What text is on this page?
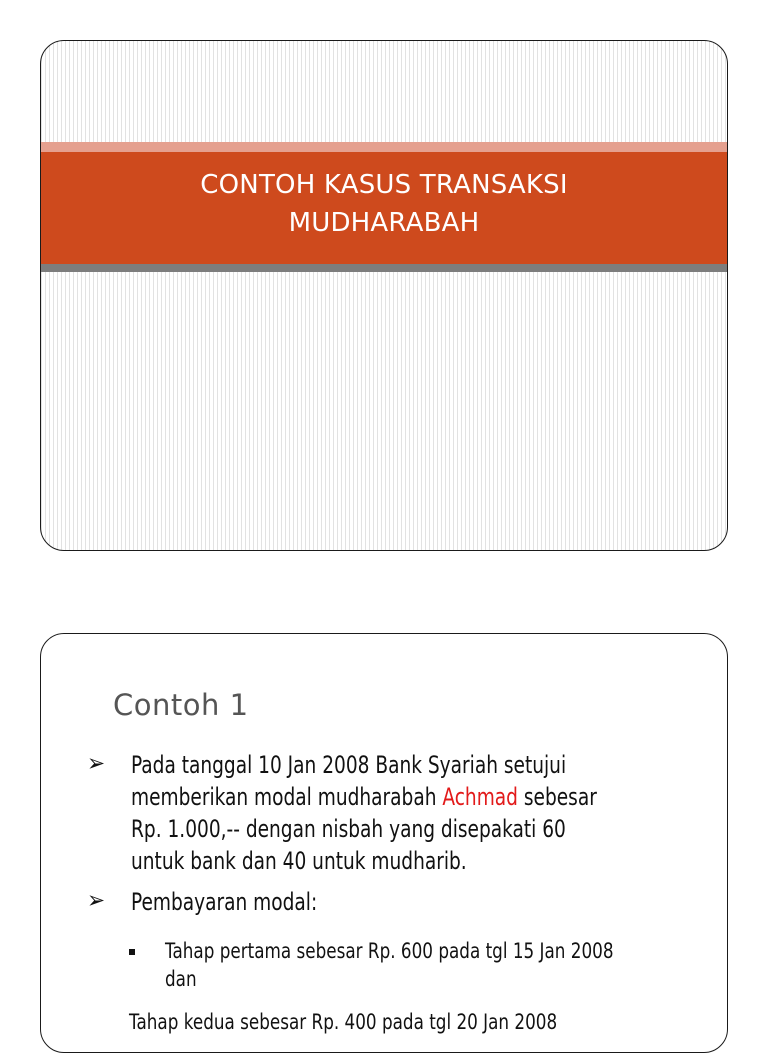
CONTOH KASUS TRANSAKSI
MUDHARABAH
Contoh 1
➢ Pada tanggal 10 Jan 2008 Bank Syariah setujui
memberikan modal mudharabah Achmad sebesar
Rp. 1.000,-- dengan nisbah yang disepakati 60
untuk bank dan 40 untuk mudharib.
➢ Pembayaran modal:
Tahap pertama sebesar Rp. 600 pada tgl 15 Jan 2008
dan
Tahap kedua sebesar Rp. 400 pada tgl 20 Jan 2008
